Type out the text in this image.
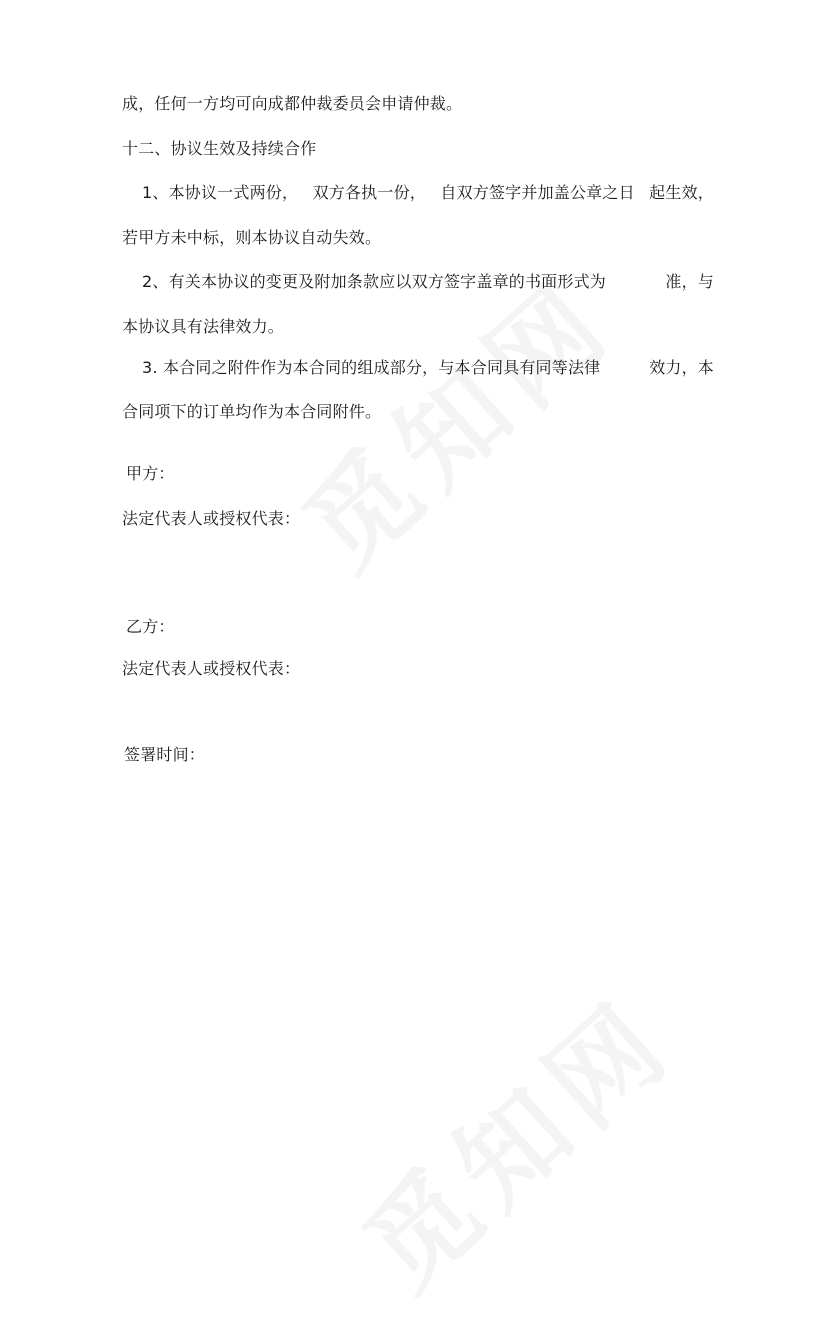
成，任何一方均可向成都仲裁委员会申请仲裁。
十二、协议生效及持续合作
1、本协议一式两份， 双方各执一份， 自双方签字并加盖公章之日 起生效，
若甲方未中标，则本协议自动失效。
2、有关本协议的变更及附加条款应以双方签字盖章的书面形式为	准，与
本协议具有法律效力。
3. 本合同之附件作为本合同的组成部分，与本合同具有同等法律	效力，本
合同项下的订单均作为本合同附件。
甲方：
法定代表人或授权代表：
乙方：
法定代表人或授权代表：
签署时间：
